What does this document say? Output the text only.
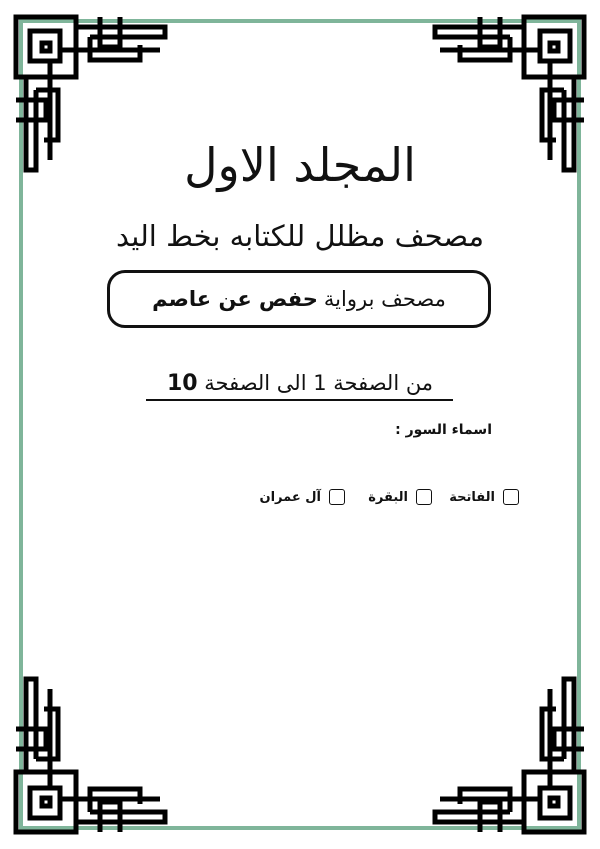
المجلد الاول
مصحف مظلل للكتابه بخط اليد
مصحف برواية
حفص عن عاصم
من الصفحة 1 الى الصفحة 10
اسماء السور :
الفاتحة
البقرة
آل عمران
